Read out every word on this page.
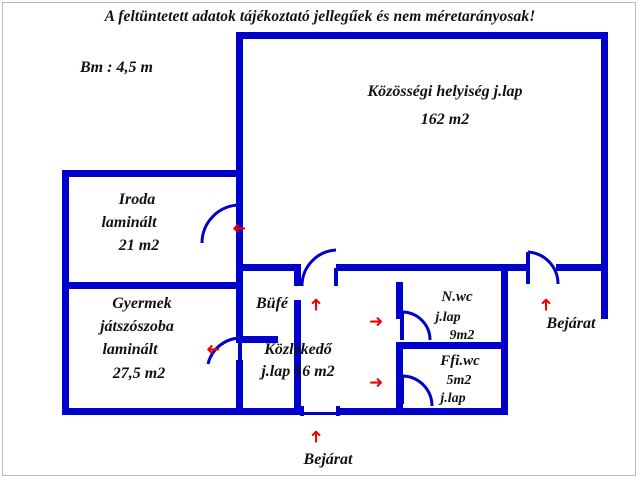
A feltüntetett adatok tájékoztató jellegűek és nem méretarányosak!
➜
➜
➜
➜
➜
➜
➜
Bm : 4,5 m
Közösségi helyiség j.lap
162 m2
Iroda
laminált
21 m2
Gyermek
játszószoba
laminált
27,5 m2
Büfé
Közlekedő
j.lap 16 m2
N.wc
j.lap
9m2
Ffi.wc
5m2
j.lap
Bejárat
Bejárat
